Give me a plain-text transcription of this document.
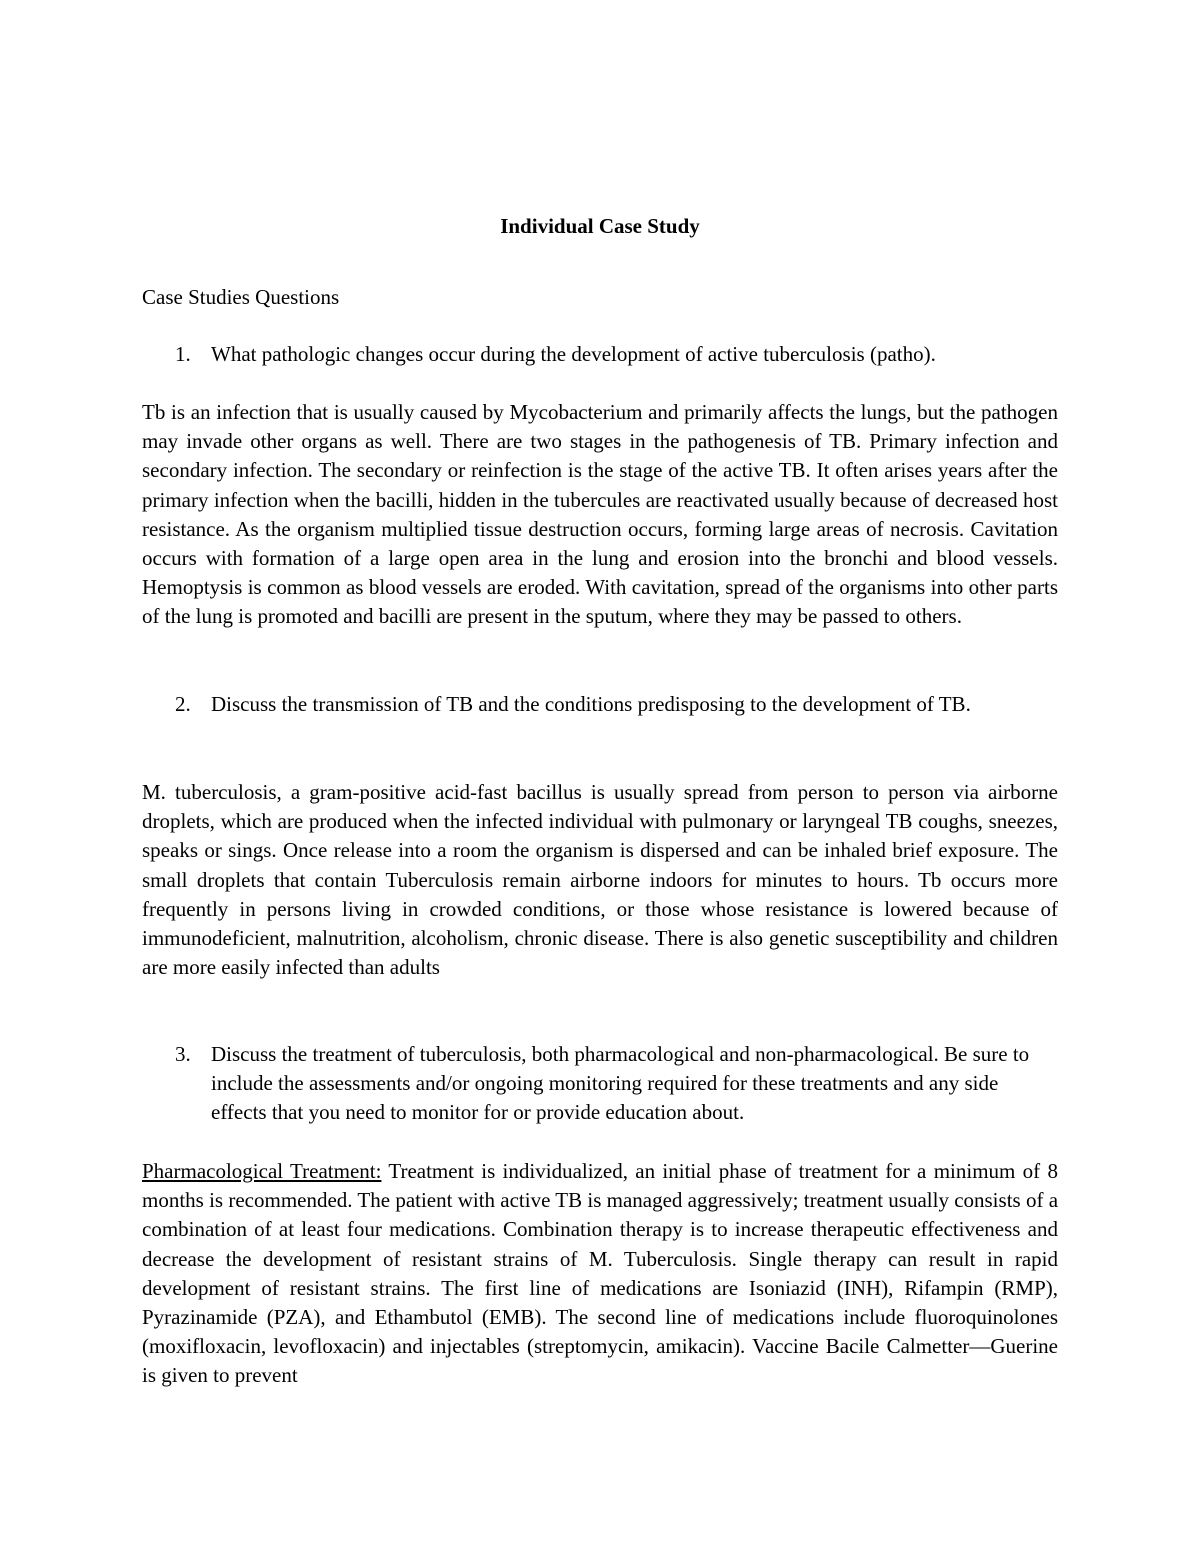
Individual Case Study

Case Studies Questions

1. What pathologic changes occur during the development of active tuberculosis (patho).

Tb is an infection that is usually caused by Mycobacterium and primarily affects the lungs, but the pathogen may invade other organs as well. There are two stages in the pathogenesis of TB. Primary infection and secondary infection. The secondary or reinfection is the stage of the active TB. It often arises years after the primary infection when the bacilli, hidden in the tubercules are reactivated usually because of decreased host resistance. As the organism multiplied tissue destruction occurs, forming large areas of necrosis. Cavitation occurs with formation of a large open area in the lung and erosion into the bronchi and blood vessels. Hemoptysis is common as blood vessels are eroded. With cavitation, spread of the organisms into other parts of the lung is promoted and bacilli are present in the sputum, where they may be passed to others.

2. Discuss the transmission of TB and the conditions predisposing to the development of TB.

M. tuberculosis, a gram-positive acid-fast bacillus is usually spread from person to person via airborne droplets, which are produced when the infected individual with pulmonary or laryngeal TB coughs, sneezes, speaks or sings. Once release into a room the organism is dispersed and can be inhaled brief exposure. The small droplets that contain Tuberculosis remain airborne indoors for minutes to hours. Tb occurs more frequently in persons living in crowded conditions, or those whose resistance is lowered because of immunodeficient, malnutrition, alcoholism, chronic disease. There is also genetic susceptibility and children are more easily infected than adults

3. Discuss the treatment of tuberculosis, both pharmacological and non-pharmacological. Be sure to include the assessments and/or ongoing monitoring required for these treatments and any side effects that you need to monitor for or provide education about.

Pharmacological Treatment: Treatment is individualized, an initial phase of treatment for a minimum of 8 months is recommended. The patient with active TB is managed aggressively; treatment usually consists of a combination of at least four medications. Combination therapy is to increase therapeutic effectiveness and decrease the development of resistant strains of M. Tuberculosis. Single therapy can result in rapid development of resistant strains. The first line of medications are Isoniazid (INH), Rifampin (RMP), Pyrazinamide (PZA), and Ethambutol (EMB). The second line of medications include fluoroquinolones (moxifloxacin, levofloxacin) and injectables (streptomycin, amikacin). Vaccine Bacile Calmetter—Guerine is given to prevent
